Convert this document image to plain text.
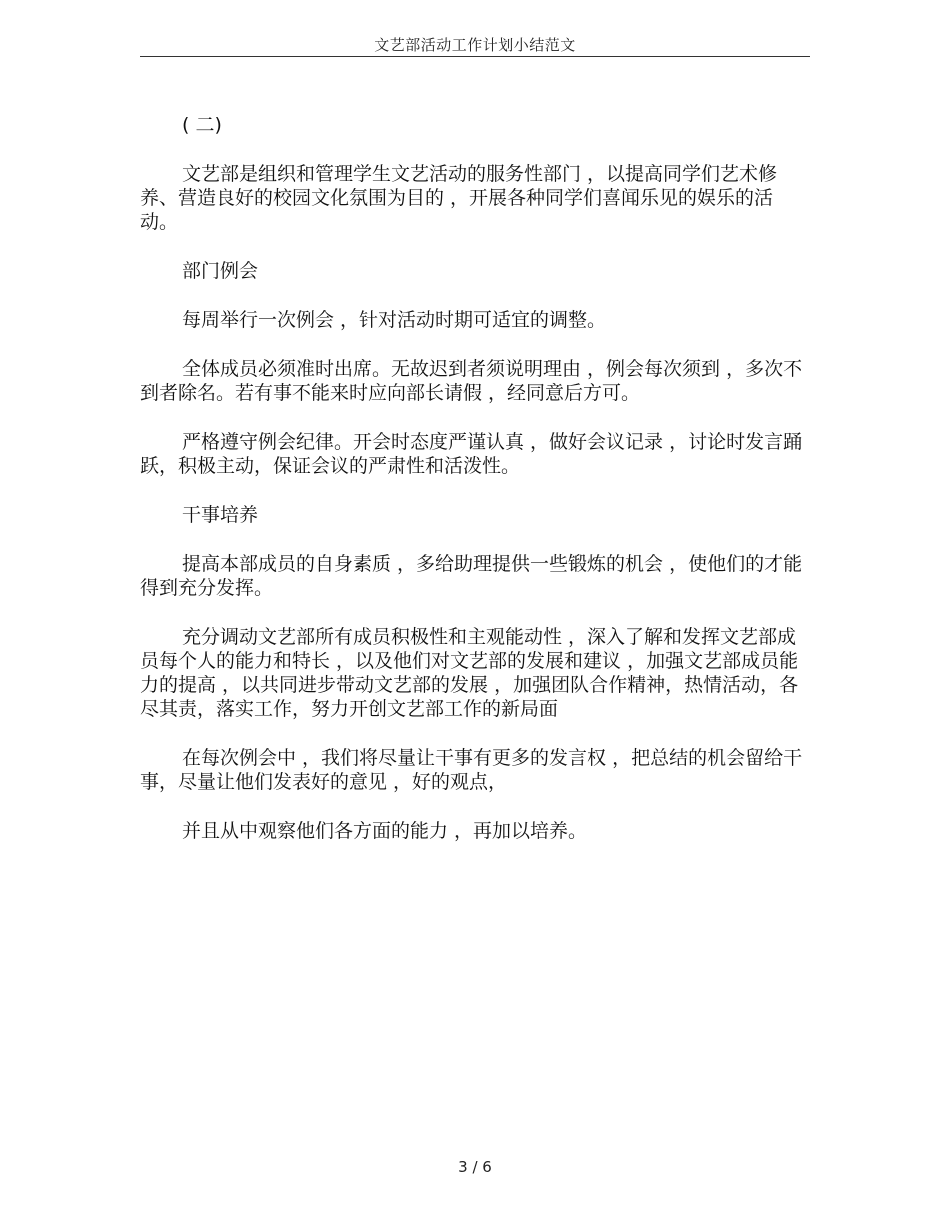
文艺部活动工作计划小结范文

( 二)

文艺部是组织和管理学生文艺活动的服务性部门 ，以提高同学们艺术修养、营造良好的校园文化氛围为目的 ，开展各种同学们喜闻乐见的娱乐的活动。

部门例会

每周举行一次例会 ，针对活动时期可适宜的调整。

全体成员必须准时出席。无故迟到者须说明理由 ，例会每次须到 ，多次不到者除名。若有事不能来时应向部长请假 ，经同意后方可。

严格遵守例会纪律。开会时态度严谨认真 ，做好会议记录 ，讨论时发言踊跃，积极主动，保证会议的严肃性和活泼性。

干事培养

提高本部成员的自身素质 ，多给助理提供一些锻炼的机会 ，使他们的才能得到充分发挥。

充分调动文艺部所有成员积极性和主观能动性 ，深入了解和发挥文艺部成员每个人的能力和特长 ，以及他们对文艺部的发展和建议 ，加强文艺部成员能力的提高 ，以共同进步带动文艺部的发展 ，加强团队合作精神，热情活动，各尽其责，落实工作，努力开创文艺部工作的新局面

在每次例会中 ，我们将尽量让干事有更多的发言权 ，把总结的机会留给干事，尽量让他们发表好的意见 ，好的观点，

并且从中观察他们各方面的能力 ，再加以培养。

3 / 6
